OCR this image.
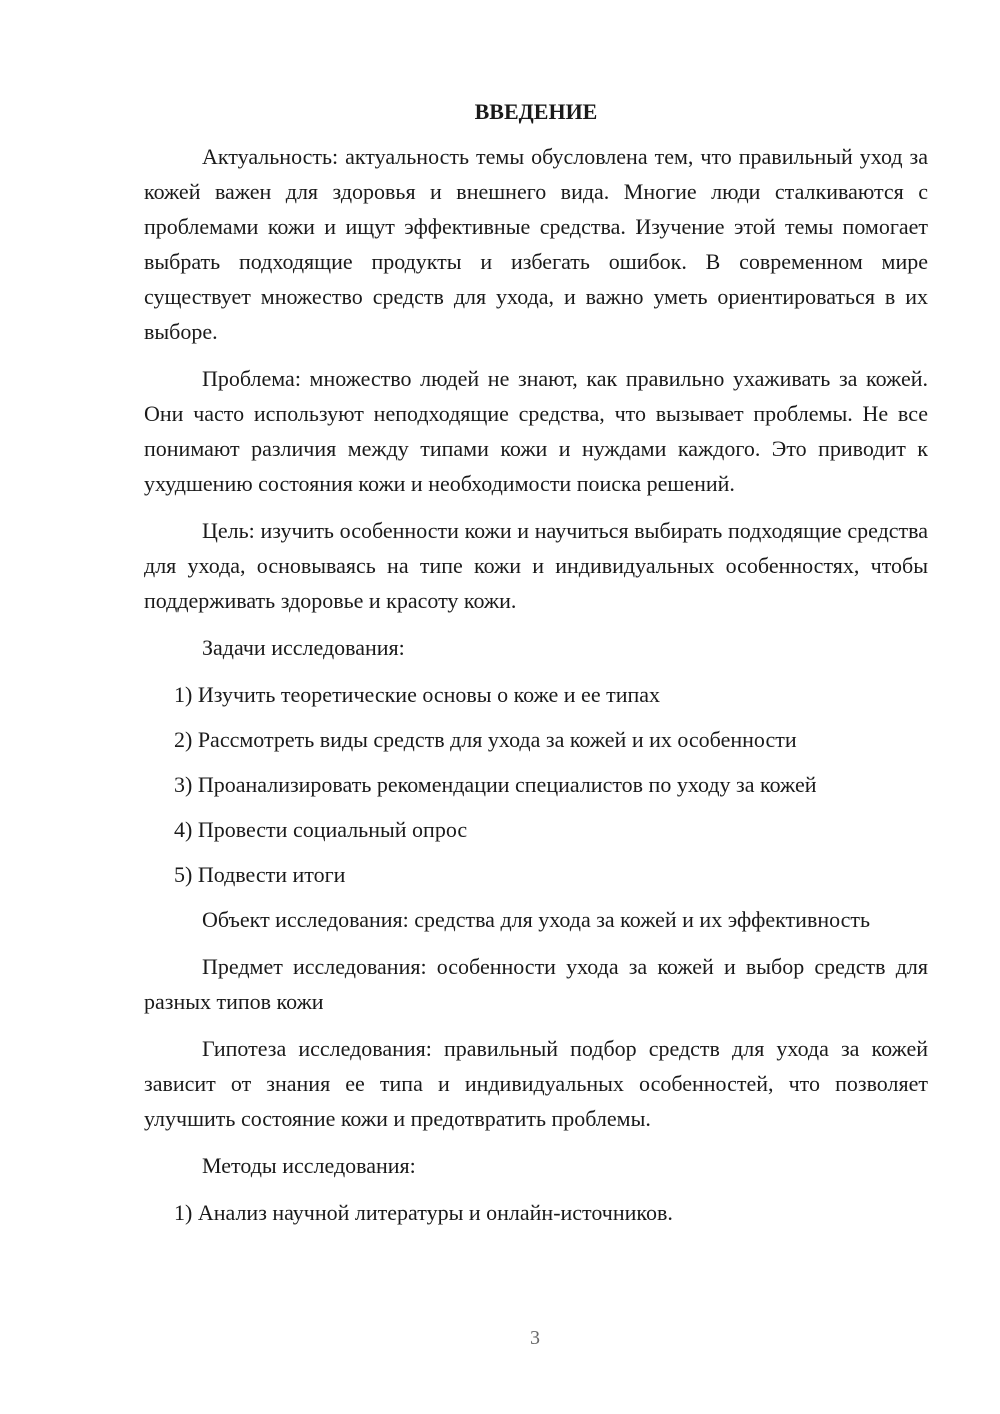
ВВЕДЕНИЕ

Актуальность: актуальность темы обусловлена тем, что правильный уход за кожей важен для здоровья и внешнего вида. Многие люди сталкиваются с проблемами кожи и ищут эффективные средства. Изучение этой темы помогает выбрать подходящие продукты и избегать ошибок. В современном мире существует множество средств для ухода, и важно уметь ориентироваться в их выборе.

Проблема: множество людей не знают, как правильно ухаживать за кожей. Они часто используют неподходящие средства, что вызывает проблемы. Не все понимают различия между типами кожи и нуждами каждого. Это приводит к ухудшению состояния кожи и необходимости поиска решений.

Цель: изучить особенности кожи и научиться выбирать подходящие средства для ухода, основываясь на типе кожи и индивидуальных особенностях, чтобы поддерживать здоровье и красоту кожи.

Задачи исследования:

1) Изучить теоретические основы о коже и ее типах
2) Рассмотреть виды средств для ухода за кожей и их особенности
3) Проанализировать рекомендации специалистов по уходу за кожей
4) Провести социальный опрос
5) Подвести итоги

Объект исследования: средства для ухода за кожей и их эффективность

Предмет исследования: особенности ухода за кожей и выбор средств для разных типов кожи

Гипотеза исследования: правильный подбор средств для ухода за кожей зависит от знания ее типа и индивидуальных особенностей, что позволяет улучшить состояние кожи и предотвратить проблемы.

Методы исследования:

1) Анализ научной литературы и онлайн-источников.
3
